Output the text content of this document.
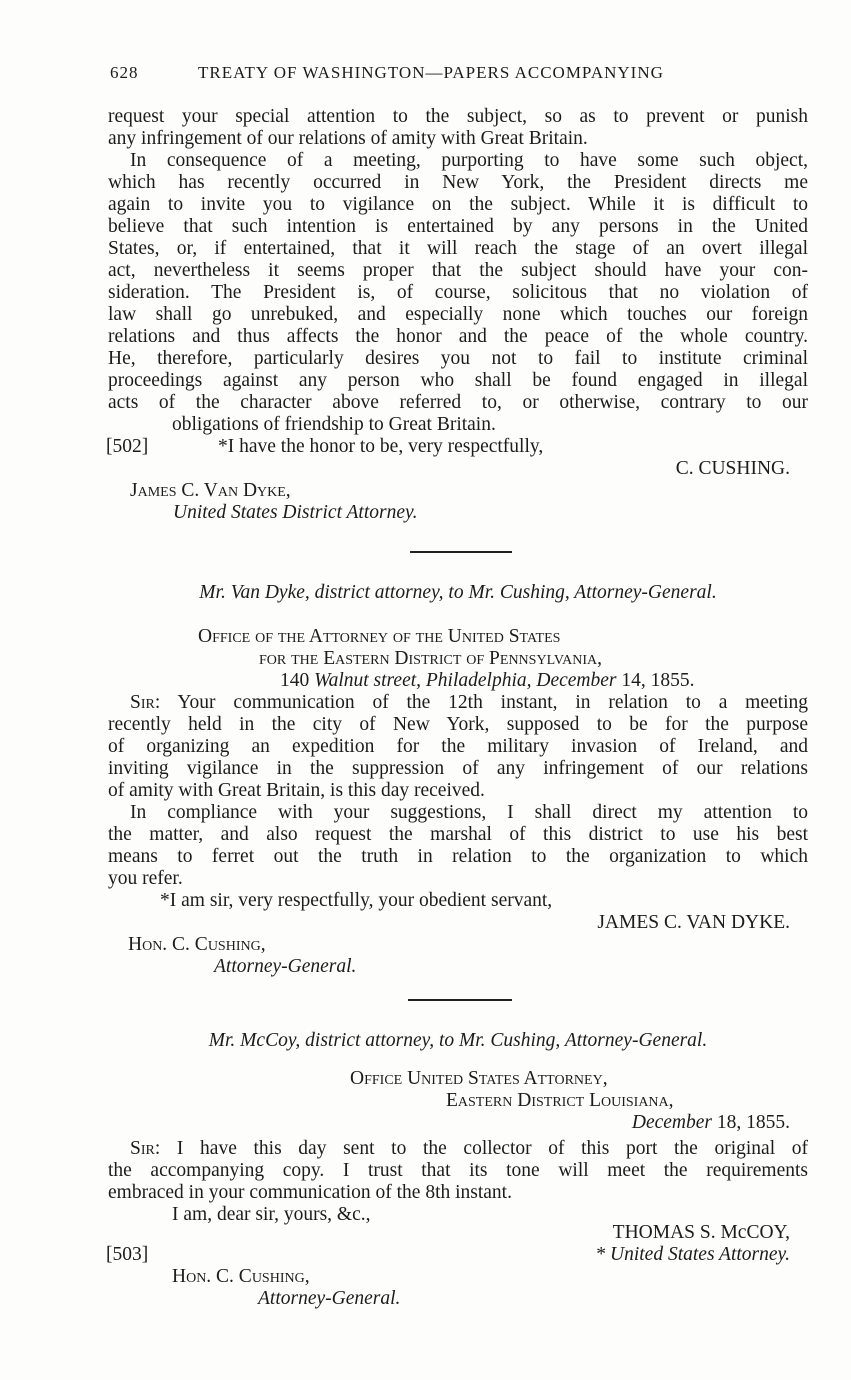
628	TREATY OF WASHINGTON—PAPERS ACCOMPANYING
request your special attention to the subject, so as to prevent or punish
any infringement of our relations of amity with Great Britain.
In consequence of a meeting, purporting to have some such object,
which has recently occurred in New York, the President directs me
again to invite you to vigilance on the subject. While it is difficult to
believe that such intention is entertained by any persons in the United
States, or, if entertained, that it will reach the stage of an overt illegal
act, nevertheless it seems proper that the subject should have your con-
sideration. The President is, of course, solicitous that no violation of
law shall go unrebuked, and especially none which touches our foreign
relations and thus affects the honor and the peace of the whole country.
He, therefore, particularly desires you not to fail to institute criminal
proceedings against any person who shall be found engaged in illegal
acts of the character above referred to, or otherwise, contrary to our
obligations of friendship to Great Britain.
[502]	*I have the honor to be, very respectfully,
C. CUSHING.
James C. Van Dyke,
United States District Attorney.
Mr. Van Dyke, district attorney, to Mr. Cushing, Attorney-General.
Office of the Attorney of the United States
for the Eastern District of Pennsylvania,
140 Walnut street, Philadelphia, December 14, 1855.
Sir: Your communication of the 12th instant, in relation to a meeting
recently held in the city of New York, supposed to be for the purpose
of organizing an expedition for the military invasion of Ireland, and
inviting vigilance in the suppression of any infringement of our relations
of amity with Great Britain, is this day received.
In compliance with your suggestions, I shall direct my attention to
the matter, and also request the marshal of this district to use his best
means to ferret out the truth in relation to the organization to which
you refer.
*I am sir, very respectfully, your obedient servant,
JAMES C. VAN DYKE.
Hon. C. Cushing,
Attorney-General.
Mr. McCoy, district attorney, to Mr. Cushing, Attorney-General.
Office United States Attorney,
Eastern District Louisiana,
December 18, 1855.
Sir: I have this day sent to the collector of this port the original of
the accompanying copy. I trust that its tone will meet the requirements
embraced in your communication of the 8th instant.
I am, dear sir, yours, &c.,
THOMAS S. McCOY,
[503]	* United States Attorney.
Hon. C. Cushing,
Attorney-General.
